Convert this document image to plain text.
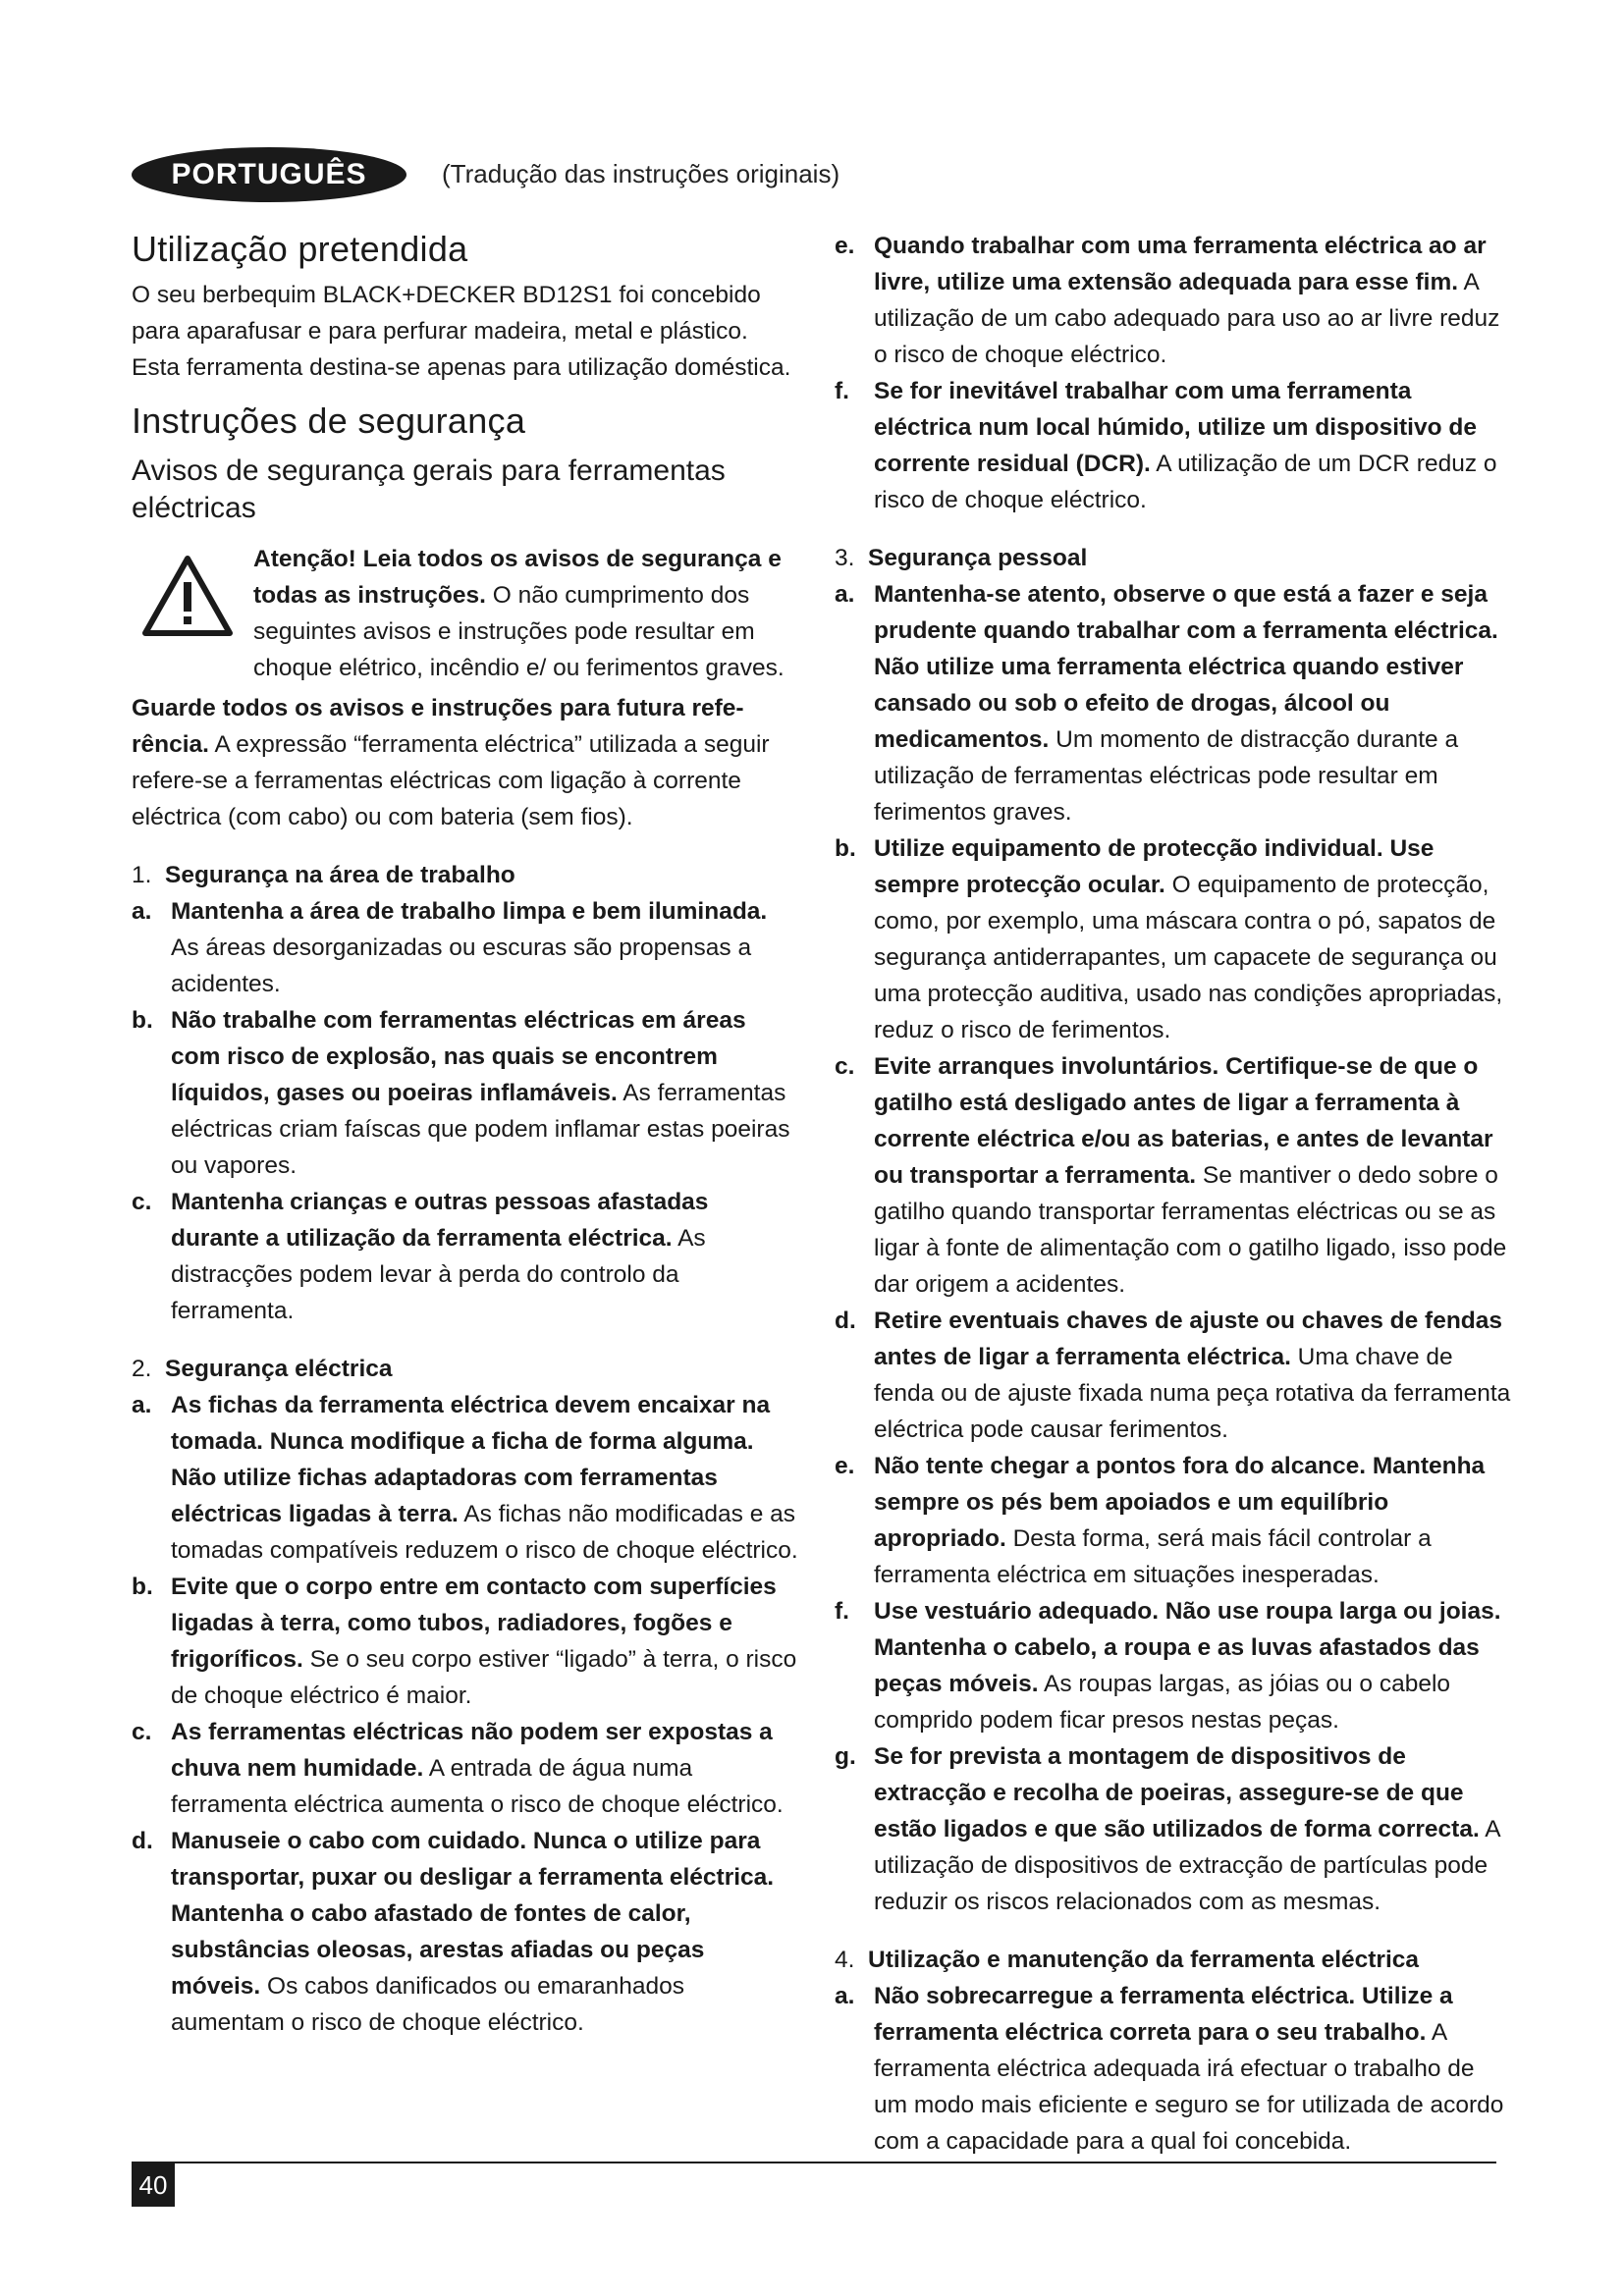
PORTUGUÊS	(Tradução das instruções originais)
Utilização pretendida

O seu berbequim BLACK+DECKER BD12S1 foi concebido para aparafusar e para perfurar madeira, metal e plástico. Esta ferramenta destina-se apenas para utilização doméstica.

Instruções de segurança
Avisos de segurança gerais para ferramentas eléctricas

Atenção! Leia todos os avisos de segurança e todas as instruções. O não cumprimento dos seguintes avisos e instruções pode resultar em choque elétrico, incêndio e/ ou ferimentos graves.

Guarde todos os avisos e instruções para futura referência. A expressão “ferramenta eléctrica” utilizada a seguir refere-se a ferramentas eléctricas com ligação à corrente eléctrica (com cabo) ou com bateria (sem fios).

1. Segurança na área de trabalho
a. Mantenha a área de trabalho limpa e bem iluminada. As áreas desorganizadas ou escuras são propensas a acidentes.
b. Não trabalhe com ferramentas eléctricas em áreas com risco de explosão, nas quais se encontrem líquidos, gases ou poeiras inflamáveis. As ferramentas eléctricas criam faíscas que podem inflamar estas poeiras ou vapores.
c. Mantenha crianças e outras pessoas afastadas durante a utilização da ferramenta eléctrica. As distracções podem levar à perda do controlo da ferramenta.
2. Segurança eléctrica
a. As fichas da ferramenta eléctrica devem encaixar na tomada. Nunca modifique a ficha de forma alguma. Não utilize fichas adaptadoras com ferramentas eléctricas ligadas à terra. As fichas não modificadas e as tomadas compatíveis reduzem o risco de choque eléctrico.
b. Evite que o corpo entre em contacto com superfícies ligadas à terra, como tubos, radiadores, fogões e frigoríficos. Se o seu corpo estiver “ligado” à terra, o risco de choque eléctrico é maior.
c. As ferramentas eléctricas não podem ser expostas a chuva nem humidade. A entrada de água numa ferramenta eléctrica aumenta o risco de choque eléctrico.
d. Manuseie o cabo com cuidado. Nunca o utilize para transportar, puxar ou desligar a ferramenta eléctrica. Mantenha o cabo afastado de fontes de calor, substâncias oleosas, arestas afiadas ou peças móveis. Os cabos danificados ou emaranhados aumentam o risco de choque eléctrico.
e. Quando trabalhar com uma ferramenta eléctrica ao ar livre, utilize uma extensão adequada para esse fim. A utilização de um cabo adequado para uso ao ar livre reduz o risco de choque eléctrico.
f. Se for inevitável trabalhar com uma ferramenta eléctrica num local húmido, utilize um dispositivo de corrente residual (DCR). A utilização de um DCR reduz o risco de choque eléctrico.
3. Segurança pessoal
a. Mantenha-se atento, observe o que está a fazer e seja prudente quando trabalhar com a ferramenta eléctrica. Não utilize uma ferramenta eléctrica quando estiver cansado ou sob o efeito de drogas, álcool ou medicamentos. Um momento de distracção durante a utilização de ferramentas eléctricas pode resultar em ferimentos graves.
b. Utilize equipamento de protecção individual. Use sempre protecção ocular. O equipamento de protecção, como, por exemplo, uma máscara contra o pó, sapatos de segurança antiderrapantes, um capacete de segurança ou uma protecção auditiva, usado nas condições apropriadas, reduz o risco de ferimentos.
c. Evite arranques involuntários. Certifique-se de que o gatilho está desligado antes de ligar a ferramenta à corrente eléctrica e/ou as baterias, e antes de levantar ou transportar a ferramenta. Se mantiver o dedo sobre o gatilho quando transportar ferramentas eléctricas ou se as ligar à fonte de alimentação com o gatilho ligado, isso pode dar origem a acidentes.
d. Retire eventuais chaves de ajuste ou chaves de fendas antes de ligar a ferramenta eléctrica. Uma chave de fenda ou de ajuste fixada numa peça rotativa da ferramenta eléctrica pode causar ferimentos.
e. Não tente chegar a pontos fora do alcance. Mantenha sempre os pés bem apoiados e um equilíbrio apropriado. Desta forma, será mais fácil controlar a ferramenta eléctrica em situações inesperadas.
f. Use vestuário adequado. Não use roupa larga ou joias. Mantenha o cabelo, a roupa e as luvas afastados das peças móveis. As roupas largas, as jóias ou o cabelo comprido podem ficar presos nestas peças.
g. Se for prevista a montagem de dispositivos de extracção e recolha de poeiras, assegure-se de que estão ligados e que são utilizados de forma correcta. A utilização de dispositivos de extracção de partículas pode reduzir os riscos relacionados com as mesmas.
4. Utilização e manutenção da ferramenta eléctrica
a. Não sobrecarregue a ferramenta eléctrica. Utilize a ferramenta eléctrica correta para o seu trabalho. A ferramenta eléctrica adequada irá efectuar o trabalho de um modo mais eficiente e seguro se for utilizada de acordo com a capacidade para a qual foi concebida.
40
